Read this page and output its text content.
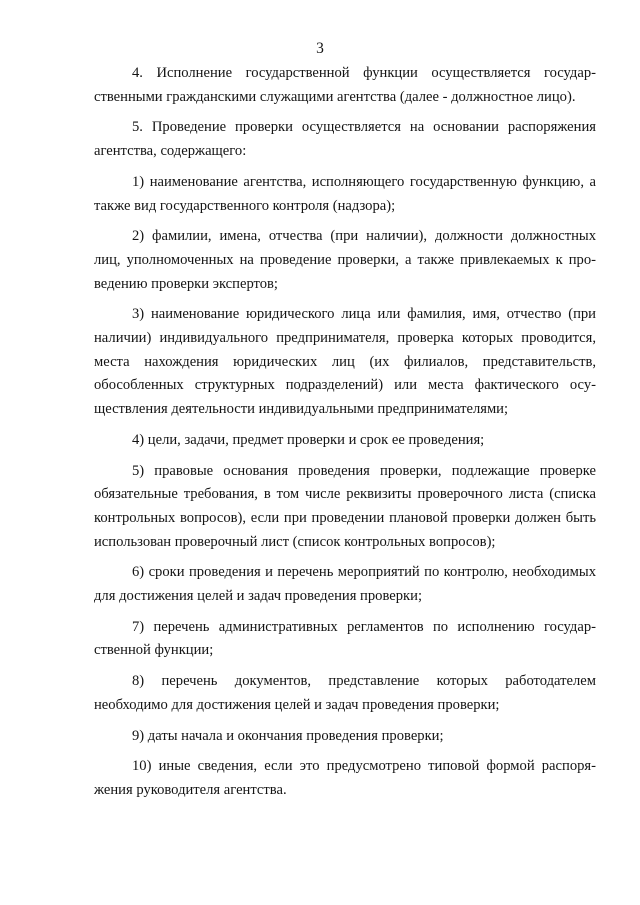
3

4. Исполнение государственной функции осуществляется государственными гражданскими служащими агентства (далее - должностное лицо).

5. Проведение проверки осуществляется на основании распоряжения агентства, содержащего:

1) наименование агентства, исполняющего государственную функцию, а также вид государственного контроля (надзора);

2) фамилии, имена, отчества (при наличии), должности должностных лиц, уполномоченных на проведение проверки, а также привлекаемых к проведению проверки экспертов;

3) наименование юридического лица или фамилия, имя, отчество (при наличии) индивидуального предпринимателя, проверка которых проводится, места нахождения юридических лиц (их филиалов, представительств, обособленных структурных подразделений) или места фактического осуществления деятельности индивидуальными предпринимателями;

4) цели, задачи, предмет проверки и срок ее проведения;

5) правовые основания проведения проверки, подлежащие проверке обязательные требования, в том числе реквизиты проверочного листа (списка контрольных вопросов), если при проведении плановой проверки должен быть использован проверочный лист (список контрольных вопросов);

6) сроки проведения и перечень мероприятий по контролю, необходимых для достижения целей и задач проведения проверки;

7) перечень административных регламентов по исполнению государственной функции;

8) перечень документов, представление которых работодателем необходимо для достижения целей и задач проведения проверки;

9) даты начала и окончания проведения проверки;

10) иные сведения, если это предусмотрено типовой формой распоряжения руководителя агентства.
